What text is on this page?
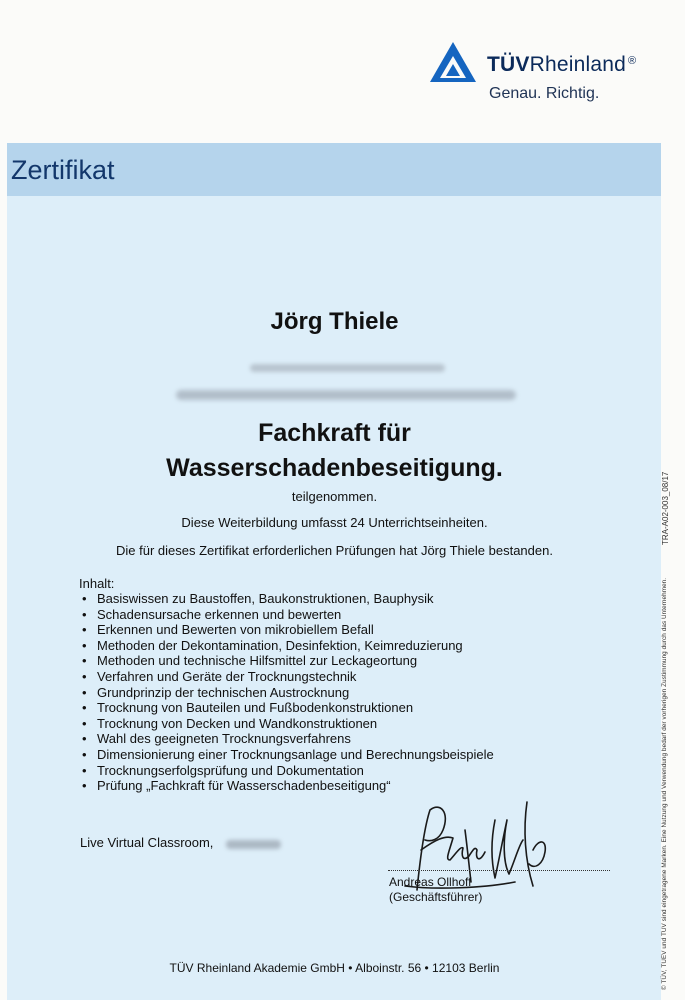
TÜVRheinland ®
Genau. Richtig.
Zertifikat
Jörg Thiele
Fachkraft für
Wasserschadenbeseitigung.
teilgenommen.
Diese Weiterbildung umfasst 24 Unterrichtseinheiten.
Die für dieses Zertifikat erforderlichen Prüfungen hat Jörg Thiele bestanden.
Inhalt:
• Basiswissen zu Baustoffen, Baukonstruktionen, Bauphysik
• Schadensursache erkennen und bewerten
• Erkennen und Bewerten von mikrobiellem Befall
• Methoden der Dekontamination, Desinfektion, Keimreduzierung
• Methoden und technische Hilfsmittel zur Leckageortung
• Verfahren und Geräte der Trocknungstechnik
• Grundprinzip der technischen Austrocknung
• Trocknung von Bauteilen und Fußbodenkonstruktionen
• Trocknung von Decken und Wandkonstruktionen
• Wahl des geeigneten Trocknungsverfahrens
• Dimensionierung einer Trocknungsanlage und Berechnungsbeispiele
• Trocknungserfolgsprüfung und Dokumentation
• Prüfung „Fachkraft für Wasserschadenbeseitigung“
Live Virtual Classroom,
Andreas Ollhoff
(Geschäftsführer)
TÜV Rheinland Akademie GmbH • Alboinstr. 56 • 12103 Berlin	© TÜV, TUEV und TUV sind eingetragene Marken. Eine Nutzung und Verwendung bedarf der vorherigen Zustimmung durch das Unternehmen.
TRA-A02-003_08/17
